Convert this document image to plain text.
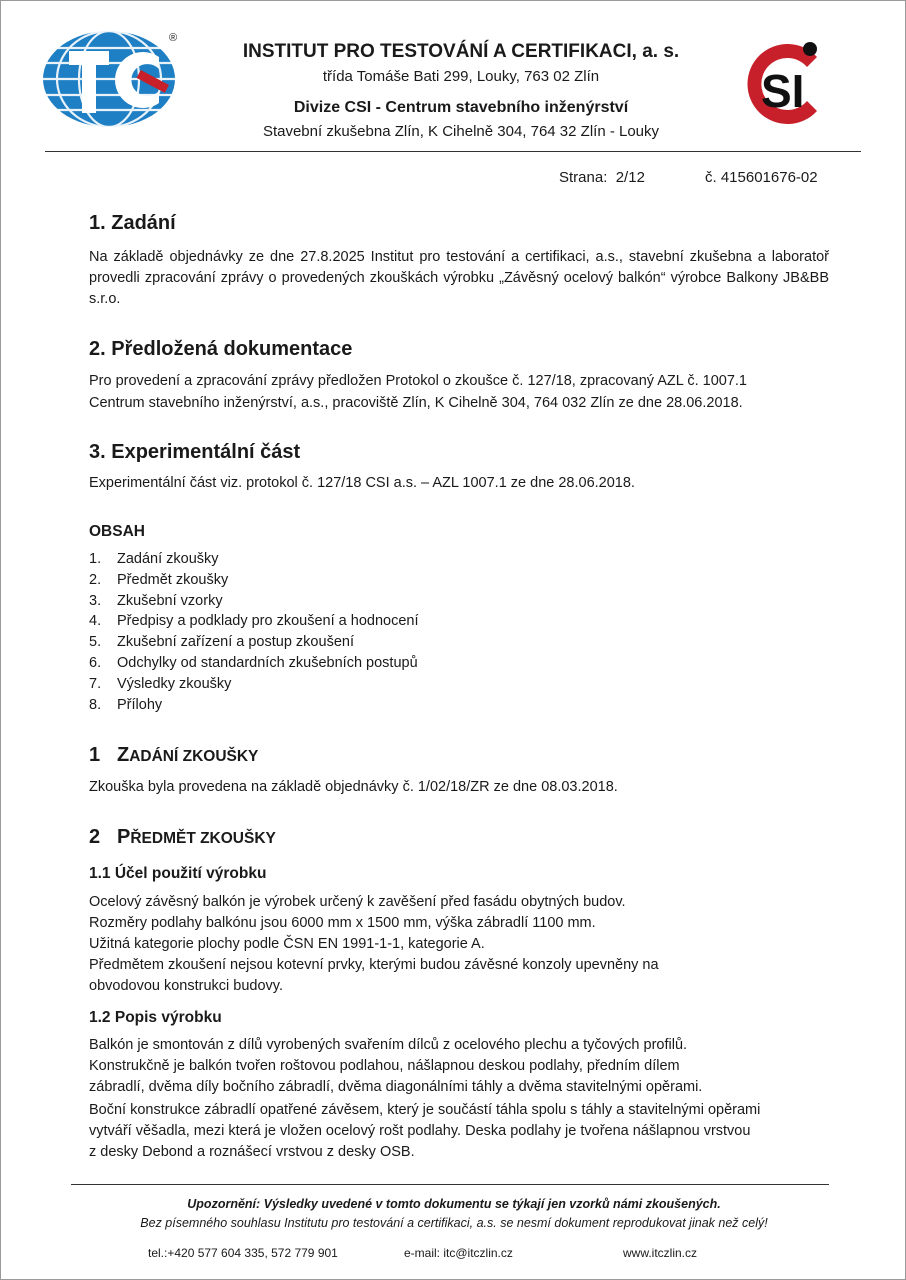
®
INSTITUT PRO TESTOVÁNÍ A CERTIFIKACI, a. s.
třída Tomáše Bati 299, Louky, 763 02 Zlín
Divize CSI - Centrum stavebního inženýrství
Stavební zkušebna Zlín, K Cihelně 304, 764 32 Zlín - Louky
SI
Strana: 2/12	č. 415601676-02
1. Zadání
Na základě objednávky ze dne 27.8.2025 Institut pro testování a certifikaci, a.s., stavební zkušebna a laboratoř provedli zpracování zprávy o provedených zkouškách výrobku „Závěsný ocelový balkón“ výrobce Balkony JB&BB s.r.o.
2. Předložená dokumentace
Pro provedení a zpracování zprávy předložen Protokol o zkoušce č. 127/18, zpracovaný AZL č. 1007.1
Centrum stavebního inženýrství, a.s., pracoviště Zlín, K Cihelně 304, 764 032 Zlín ze dne 28.06.2018.
3. Experimentální část
Experimentální část viz. protokol č. 127/18 CSI a.s. – AZL 1007.1 ze dne 28.06.2018.
OBSAH
1. Zadání zkoušky
2. Předmět zkoušky
3. Zkušební vzorky
4. Předpisy a podklady pro zkoušení a hodnocení
5. Zkušební zařízení a postup zkoušení
6. Odchylky od standardních zkušebních postupů
7. Výsledky zkoušky
8. Přílohy
1 ZADÁNÍ ZKOUŠKY
Zkouška byla provedena na základě objednávky č. 1/02/18/ZR ze dne 08.03.2018.
2 PŘEDMĚT ZKOUŠKY
1.1 Účel použití výrobku
Ocelový závěsný balkón je výrobek určený k zavěšení před fasádu obytných budov.
Rozměry podlahy balkónu jsou 6000 mm x 1500 mm, výška zábradlí 1100 mm.
Užitná kategorie plochy podle ČSN EN 1991-1-1, kategorie A.
Předmětem zkoušení nejsou kotevní prvky, kterými budou závěsné konzoly upevněny na
obvodovou konstrukci budovy.
1.2 Popis výrobku
Balkón je smontován z dílů vyrobených svařením dílců z ocelového plechu a tyčových profilů.
Konstrukčně je balkón tvořen roštovou podlahou, nášlapnou deskou podlahy, předním dílem
zábradlí, dvěma díly bočního zábradlí, dvěma diagonálními táhly a dvěma stavitelnými opěrami.
Boční konstrukce zábradlí opatřené závěsem, který je součástí táhla spolu s táhly a stavitelnými opěrami
vytváří věšadla, mezi která je vložen ocelový rošt podlahy. Deska podlahy je tvořena nášlapnou vrstvou
z desky Debond a roznášecí vrstvou z desky OSB.
Upozornění: Výsledky uvedené v tomto dokumentu se týkají jen vzorků námi zkoušených.
Bez písemného souhlasu Institutu pro testování a certifikaci, a.s. se nesmí dokument reprodukovat jinak než celý!
tel.:+420 577 604 335, 572 779 901	e-mail: itc@itczlin.cz	www.itczlin.cz
